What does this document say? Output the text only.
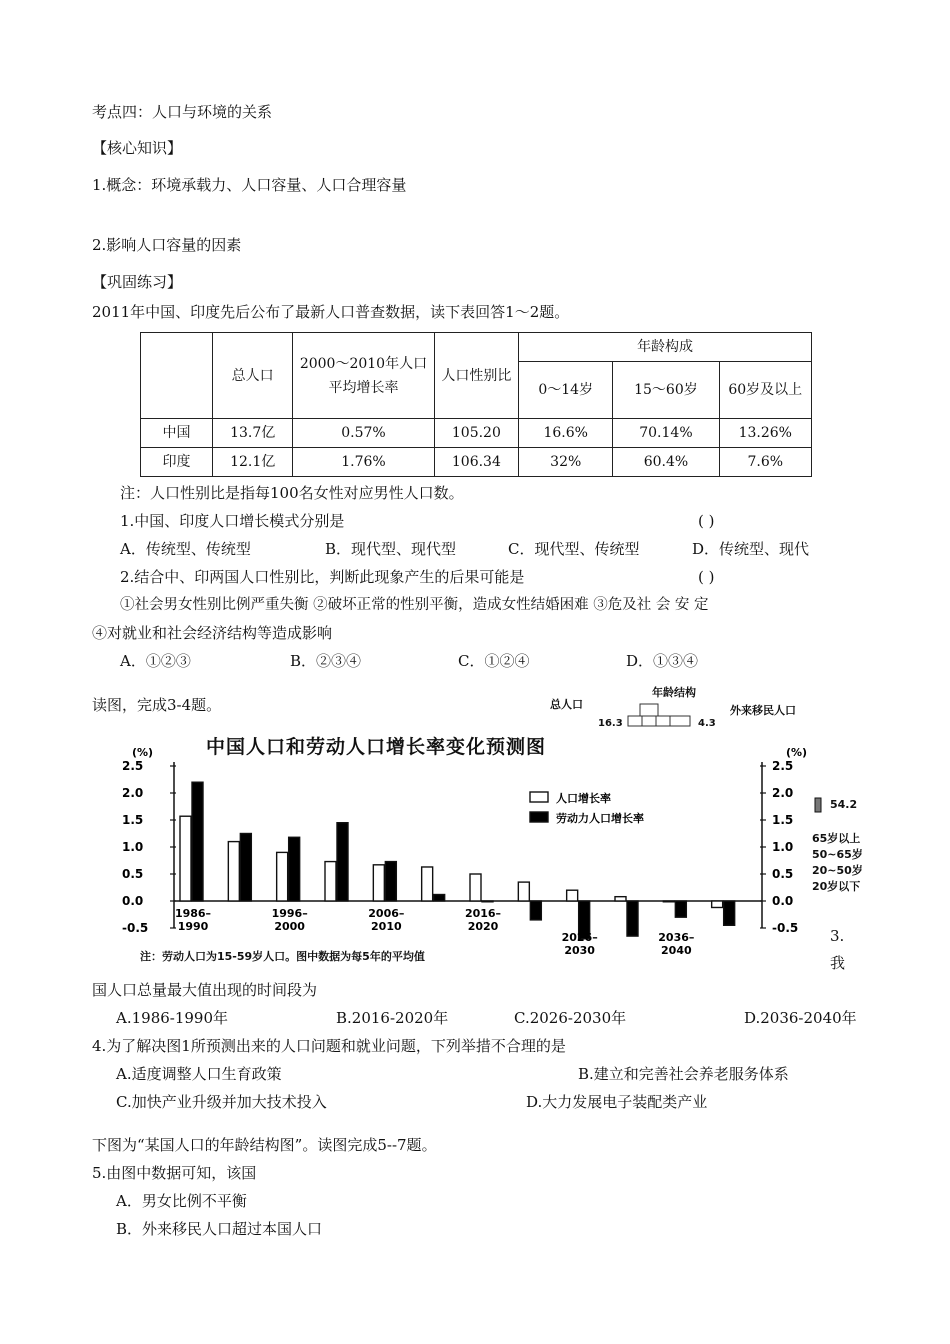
考点四：人口与环境的关系
【核心知识】
1.概念：环境承载力、人口容量、人口合理容量
2.影响人口容量的因素
【巩固练习】
2011年中国、印度先后公布了最新人口普查数据，读下表回答1～2题。
	总人口	2000～2010年人口平均增长率	人口性别比	年龄构成		
				0～14岁	15～60岁	60岁及以上
中国	13.7亿	0.57%	105.20	16.6%	70.14%	13.26%
印度	12.1亿	1.76%	106.34	32%	60.4%	7.6%
注：人口性别比是指每100名女性对应男性人口数。
1.中国、印度人口增长模式分别是	( )
A．传统型、传统型	B．现代型、现代型	C．现代型、传统型	D．传统型、现代
2.结合中、印两国人口性别比，判断此现象产生的后果可能是	( )
①社会男女性别比例严重失衡 ②破坏正常的性别平衡，造成女性结婚困难 ③危及社 会 安 定
④对就业和社会经济结构等造成影响
A．①②③	B．②③④	C．①②④	D．①③④
读图，完成3-4题。	总人口
年龄结构
外来移民人口
16.3	4.3
中国人口和劳动人口增长率变化预测图
(%)	(%)
2.5	2.5
2.0	2.0
1.5	1.5
1.0	1.0
0.5	0.5
0.0	0.0
-0.5	-0.5
1986–
1990
1996–
2000
2006–
2010
2016–
2020
2026–
2030
2036–
2040
人口增长率
劳动力人口增长率
注：劳动人口为15-59岁人口。图中数据为每5年的平均值
54.2
65岁以上
50~65岁
20~50岁
20岁以下
3.
我
国人口总量最大值出现的时间段为
A.1986-1990年	B.2016-2020年	C.2026-2030年	D.2036-2040年
4.为了解决图1所预测出来的人口问题和就业问题，下列举措不合理的是
A.适度调整人口生育政策	B.建立和完善社会养老服务体系
C.加快产业升级并加大技术投入	D.大力发展电子装配类产业
下图为“某国人口的年龄结构图”。读图完成5--7题。
5.由图中数据可知，该国
A．男女比例不平衡
B．外来移民人口超过本国人口
